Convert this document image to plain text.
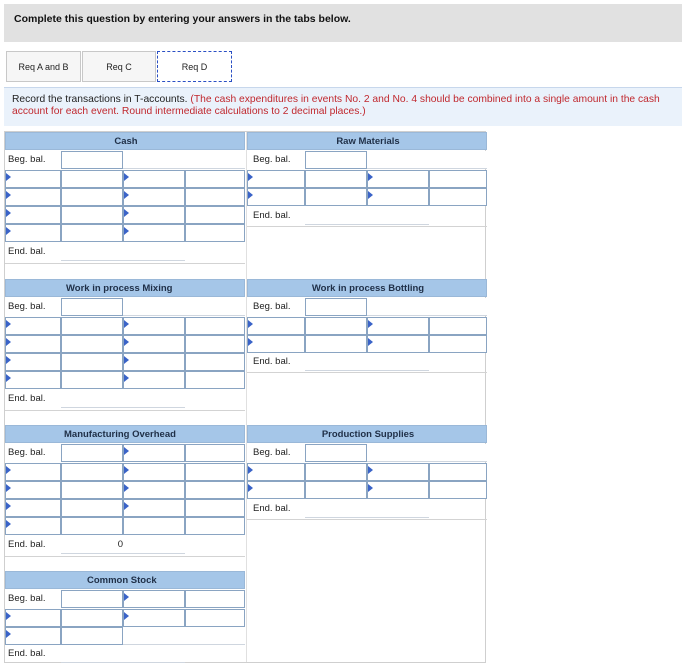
Complete this question by entering your answers in the tabs below.
Req A and B	Req C	Req D
Record the transactions in T-accounts. (The cash expenditures in events No. 2 and No. 4 should be combined into a single amount in the cash account for each event. Round intermediate calculations to 2 decimal places.)
Cash
Beg. bal.
End. bal.
Raw Materials
Beg. bal.
End. bal.
Work in process Mixing
Beg. bal.
End. bal.
Work in process Bottling
Beg. bal.
End. bal.
Manufacturing Overhead
Beg. bal.
End. bal.	0
Production Supplies
Beg. bal.
End. bal.
Common Stock
Beg. bal.
End. bal.
